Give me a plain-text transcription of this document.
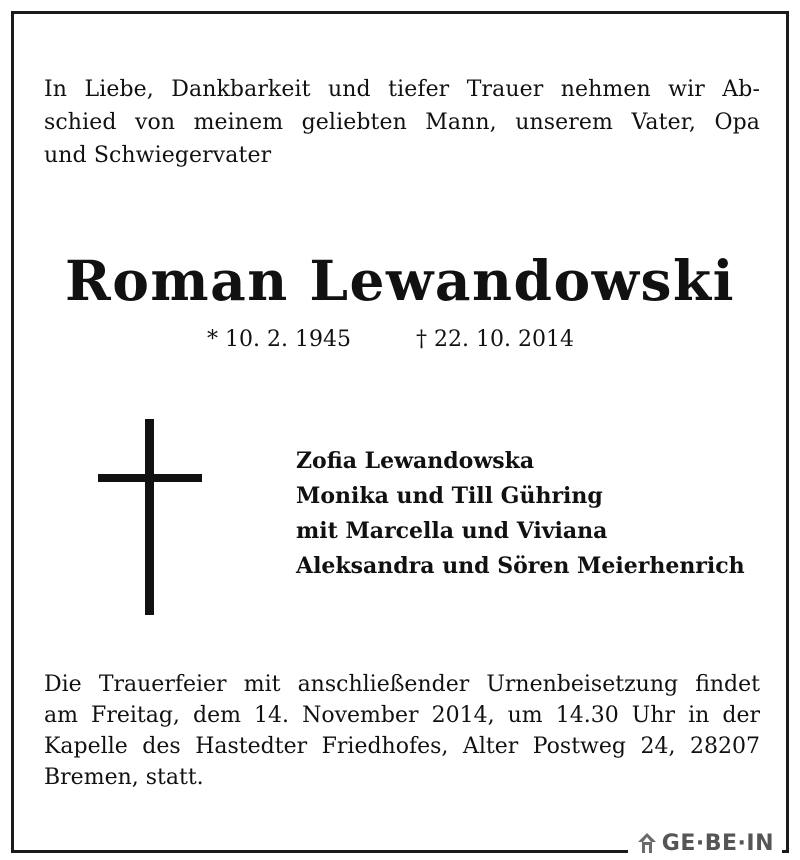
In Liebe, Dankbarkeit und tiefer Trauer nehmen wir Ab-
schied von meinem geliebten Mann, unserem Vater, Opa
und Schwiegervater
Roman Lewandowski
* 10. 2. 1945	† 22. 10. 2014
Zofia Lewandowska
Monika und Till Gühring
mit Marcella und Viviana
Aleksandra und Sören Meierhenrich
Die Trauerfeier mit anschließender Urnenbeisetzung findet
am Freitag, dem 14. November 2014, um 14.30 Uhr in der
Kapelle des Hastedter Friedhofes, Alter Postweg 24, 28207
Bremen, statt.
GE·BE·IN
